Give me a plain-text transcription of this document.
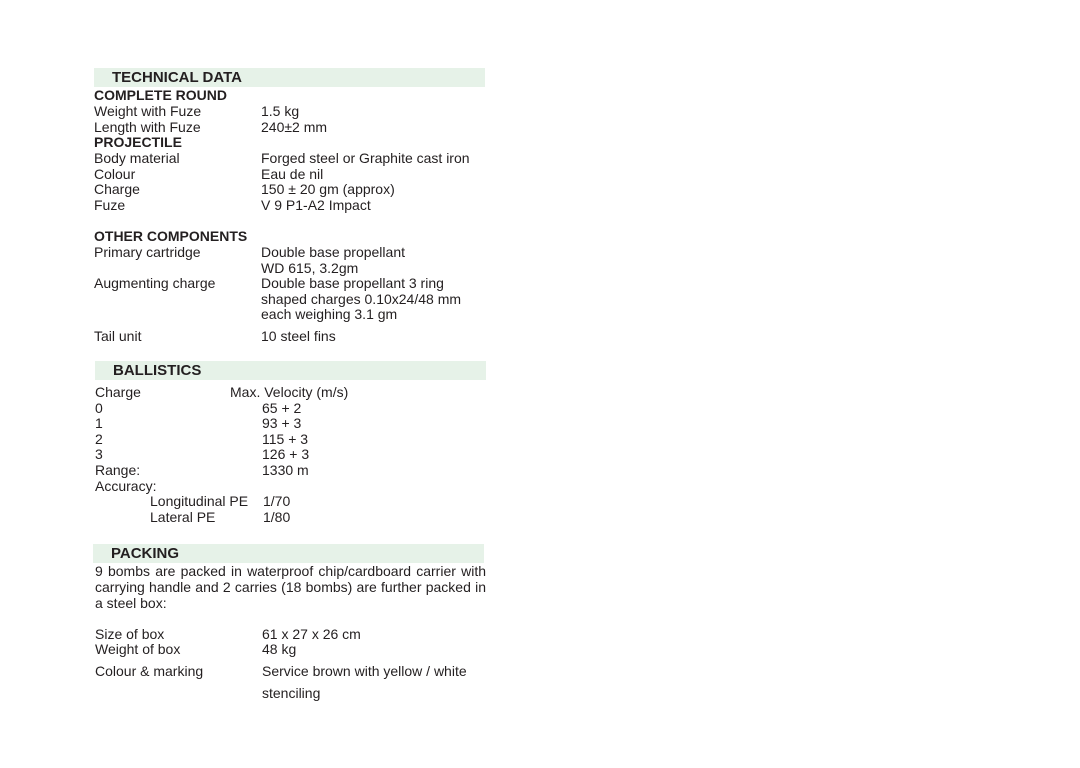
TECHNICAL DATA
COMPLETE ROUND
Weight with Fuze	1.5 kg
Length with Fuze	240±2 mm
PROJECTILE
Body material	Forged steel or Graphite cast iron
Colour	Eau de nil
Charge	150 ± 20 gm (approx)
Fuze	V 9 P1-A2 Impact
OTHER COMPONENTS
Primary cartridge	Double base propellant
WD 615, 3.2gm
Augmenting charge	Double base propellant 3 ring
shaped charges 0.10x24/48 mm
each weighing 3.1 gm
Tail unit	10 steel fins
BALLISTICS
Charge	Max. Velocity (m/s)
0	65 + 2
1	93 + 3
2	115 + 3
3	126 + 3
Range:	1330 m
Accuracy:
Longitudinal PE 1/70
Lateral PE	1/80
PACKING
9 bombs are packed in waterproof chip/cardboard carrier with carrying handle and 2 carries (18 bombs) are further packed in a steel box:
Size of box	61 x 27 x 26 cm
Weight of box	48 kg
Colour & marking	Service brown with yellow / white
stenciling
